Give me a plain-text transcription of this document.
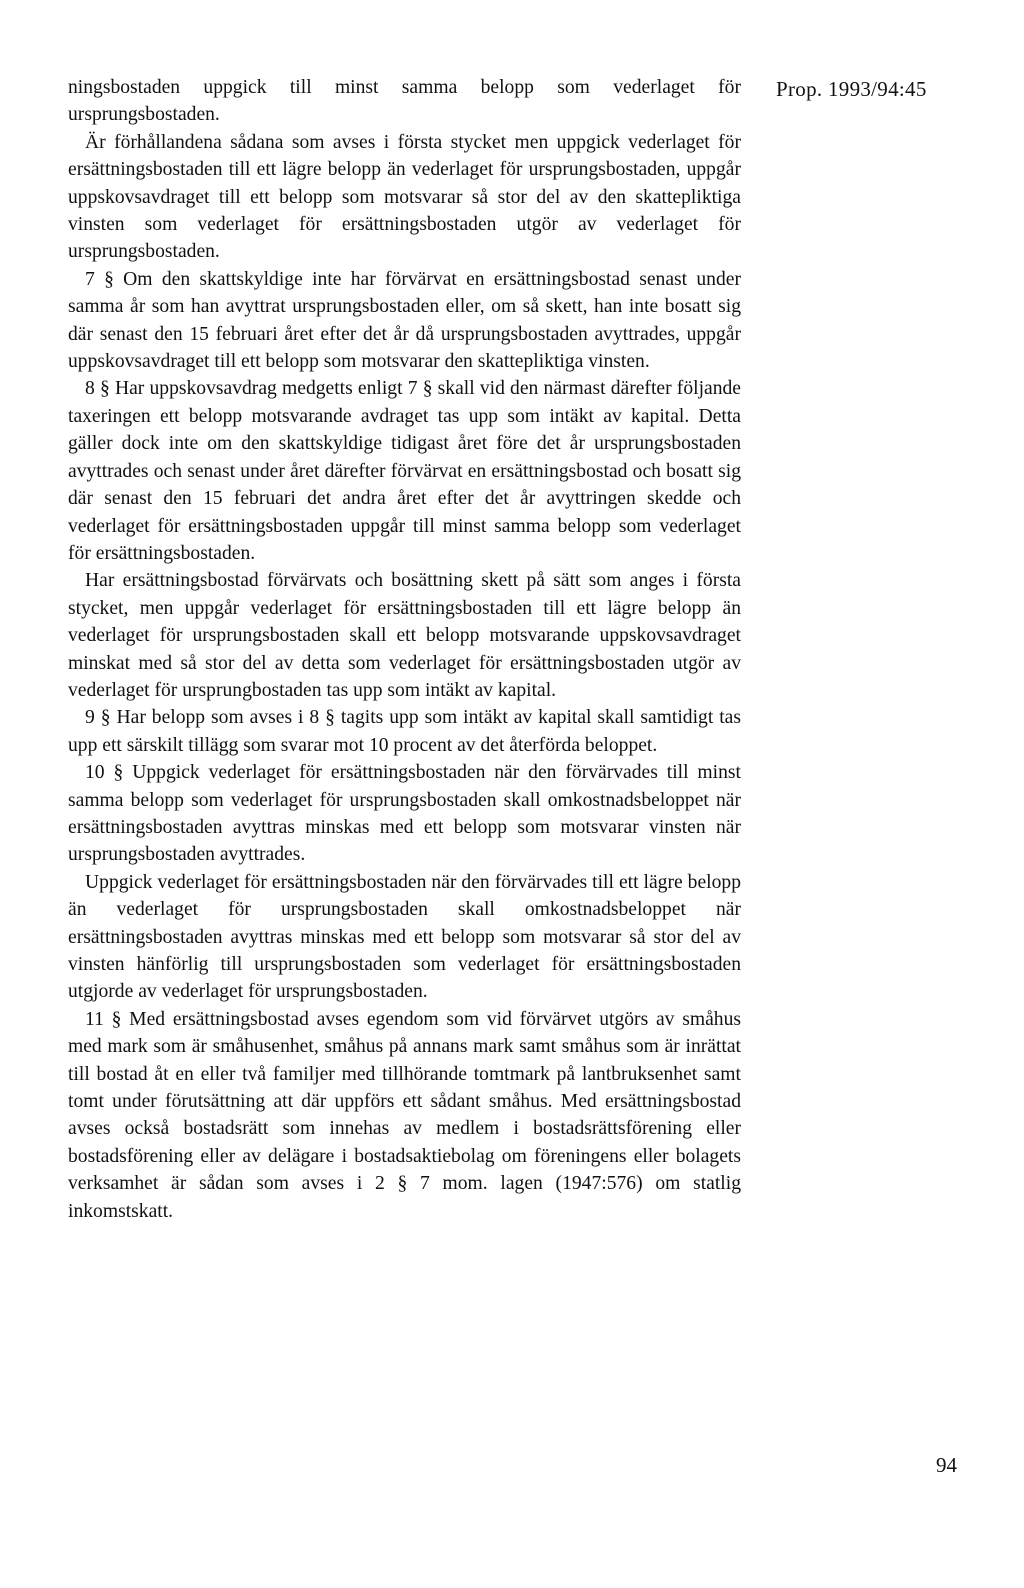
Prop. 1993/94:45

ningsbostaden uppgick till minst samma belopp som vederlaget för ursprungsbostaden.

Är förhållandena sådana som avses i första stycket men uppgick vederlaget för ersättningsbostaden till ett lägre belopp än vederlaget för ursprungsbostaden, uppgår uppskovsavdraget till ett belopp som motsvarar så stor del av den skattepliktiga vinsten som vederlaget för ersättningsbostaden utgör av vederlaget för ursprungsbostaden.

7 § Om den skattskyldige inte har förvärvat en ersättningsbostad senast under samma år som han avyttrat ursprungsbostaden eller, om så skett, han inte bosatt sig där senast den 15 februari året efter det år då ursprungsbostaden avyttrades, uppgår uppskovsavdraget till ett belopp som motsvarar den skattepliktiga vinsten.

8 § Har uppskovsavdrag medgetts enligt 7 § skall vid den närmast därefter följande taxeringen ett belopp motsvarande avdraget tas upp som intäkt av kapital. Detta gäller dock inte om den skattskyldige tidigast året före det år ursprungsbostaden avyttrades och senast under året därefter förvärvat en ersättningsbostad och bosatt sig där senast den 15 februari det andra året efter det år avyttringen skedde och vederlaget för ersättningsbostaden uppgår till minst samma belopp som vederlaget för ersättningsbostaden.

Har ersättningsbostad förvärvats och bosättning skett på sätt som anges i första stycket, men uppgår vederlaget för ersättningsbostaden till ett lägre belopp än vederlaget för ursprungsbostaden skall ett belopp motsvarande uppskovsavdraget minskat med så stor del av detta som vederlaget för ersättningsbostaden utgör av vederlaget för ursprungbostaden tas upp som intäkt av kapital.

9 § Har belopp som avses i 8 § tagits upp som intäkt av kapital skall samtidigt tas upp ett särskilt tillägg som svarar mot 10 procent av det återförda beloppet.

10 § Uppgick vederlaget för ersättningsbostaden när den förvärvades till minst samma belopp som vederlaget för ursprungsbostaden skall omkostnadsbeloppet när ersättningsbostaden avyttras minskas med ett belopp som motsvarar vinsten när ursprungsbostaden avyttrades.

Uppgick vederlaget för ersättningsbostaden när den förvärvades till ett lägre belopp än vederlaget för ursprungsbostaden skall omkostnadsbeloppet när ersättningsbostaden avyttras minskas med ett belopp som motsvarar så stor del av vinsten hänförlig till ursprungsbostaden som vederlaget för ersättningsbostaden utgjorde av vederlaget för ursprungsbostaden.

11 § Med ersättningsbostad avses egendom som vid förvärvet utgörs av småhus med mark som är småhusenhet, småhus på annans mark samt småhus som är inrättat till bostad åt en eller två familjer med tillhörande tomtmark på lantbruksenhet samt tomt under förutsättning att där uppförs ett sådant småhus. Med ersättningsbostad avses också bostadsrätt som innehas av medlem i bostadsrättsförening eller bostadsförening eller av delägare i bostadsaktiebolag om föreningens eller bolagets verksamhet är sådan som avses i 2 § 7 mom. lagen (1947:576) om statlig inkomstskatt.

94
